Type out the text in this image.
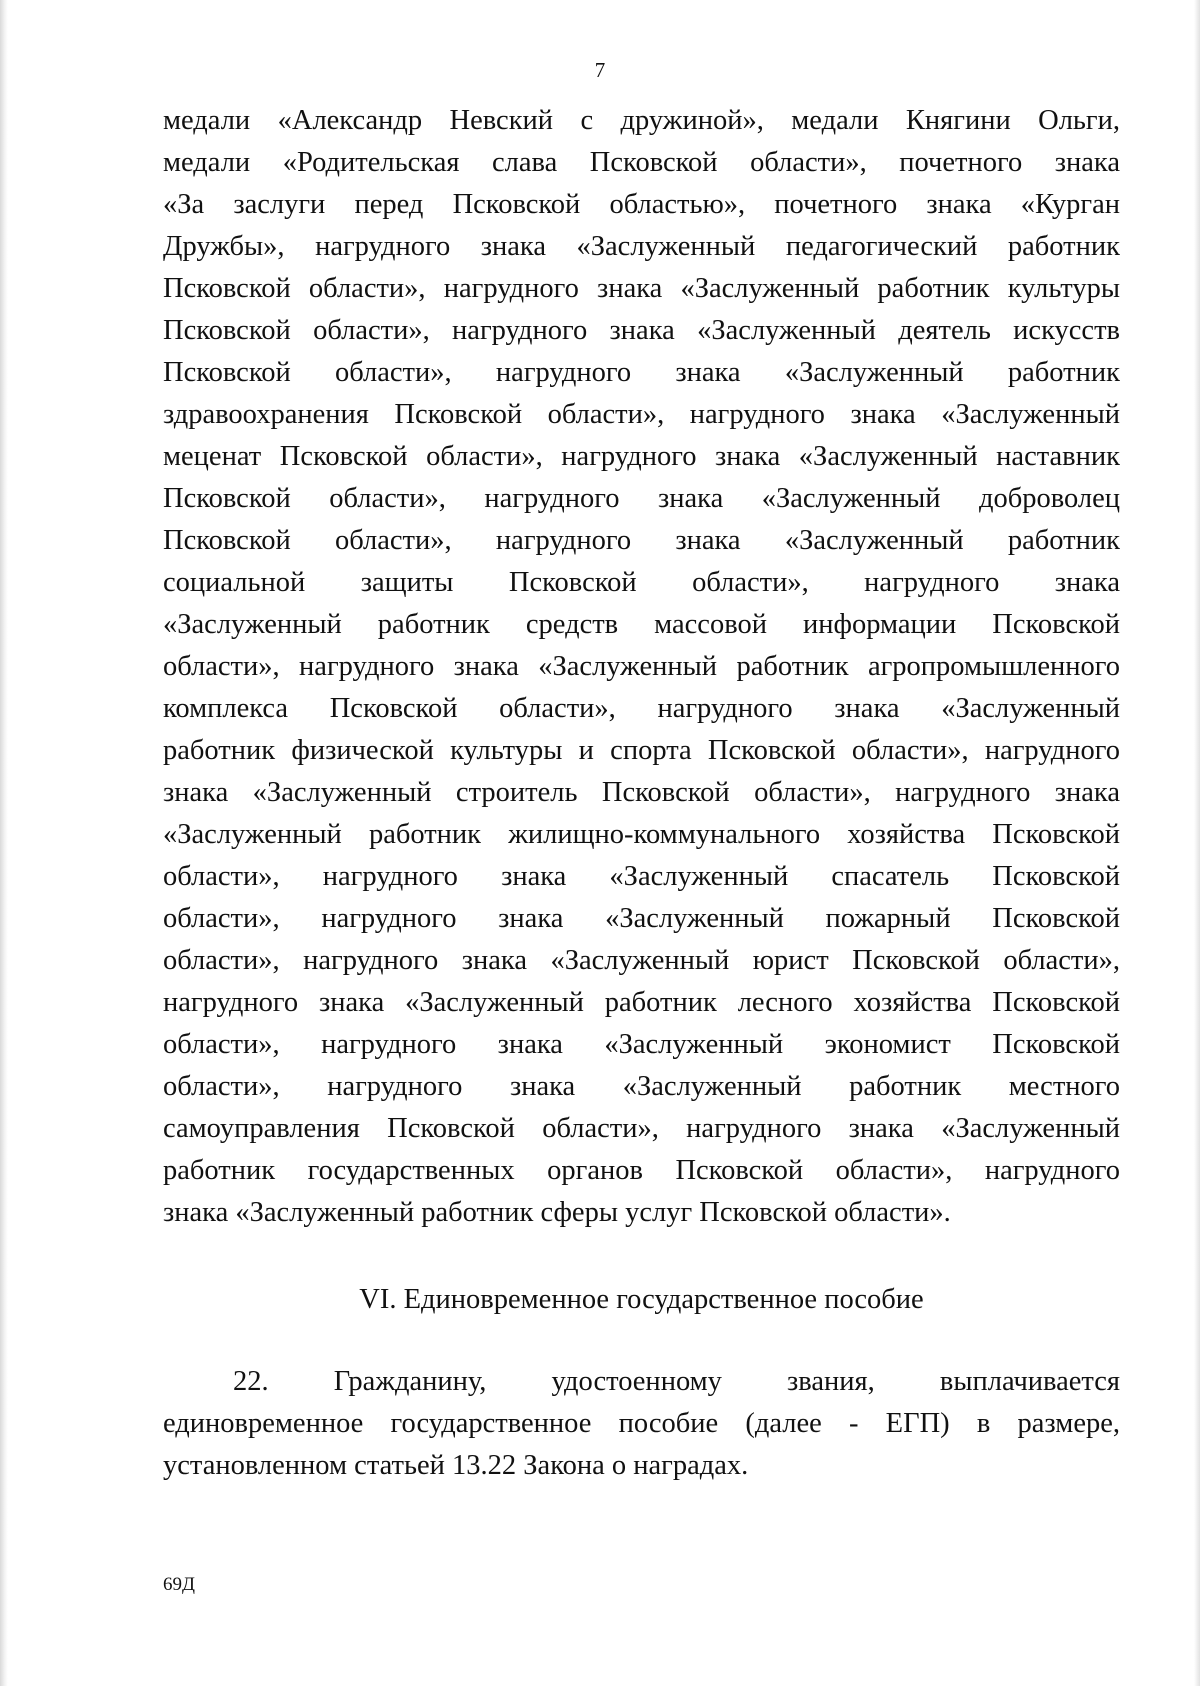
7
медали «Александр Невский с дружиной», медали Княгини Ольги,
медали «Родительская слава Псковской области», почетного знака
«За заслуги перед Псковской областью», почетного знака «Курган
Дружбы», нагрудного знака «Заслуженный педагогический работник
Псковской области», нагрудного знака «Заслуженный работник культуры
Псковской области», нагрудного знака «Заслуженный деятель искусств
Псковской области», нагрудного знака «Заслуженный работник
здравоохранения Псковской области», нагрудного знака «Заслуженный
меценат Псковской области», нагрудного знака «Заслуженный наставник
Псковской области», нагрудного знака «Заслуженный доброволец
Псковской области», нагрудного знака «Заслуженный работник
социальной защиты Псковской области», нагрудного знака
«Заслуженный работник средств массовой информации Псковской
области», нагрудного знака «Заслуженный работник агропромышленного
комплекса Псковской области», нагрудного знака «Заслуженный
работник физической культуры и спорта Псковской области», нагрудного
знака «Заслуженный строитель Псковской области», нагрудного знака
«Заслуженный работник жилищно-коммунального хозяйства Псковской
области», нагрудного знака «Заслуженный спасатель Псковской
области», нагрудного знака «Заслуженный пожарный Псковской
области», нагрудного знака «Заслуженный юрист Псковской области»,
нагрудного знака «Заслуженный работник лесного хозяйства Псковской
области», нагрудного знака «Заслуженный экономист Псковской
области», нагрудного знака «Заслуженный работник местного
самоуправления Псковской области», нагрудного знака «Заслуженный
работник государственных органов Псковской области», нагрудного
знака «Заслуженный работник сферы услуг Псковской области».
VI. Единовременное государственное пособие
22. Гражданину, удостоенному звания, выплачивается
единовременное государственное пособие (далее - ЕГП) в размере,
установленном статьей 13.22 Закона о наградах.
69Д
